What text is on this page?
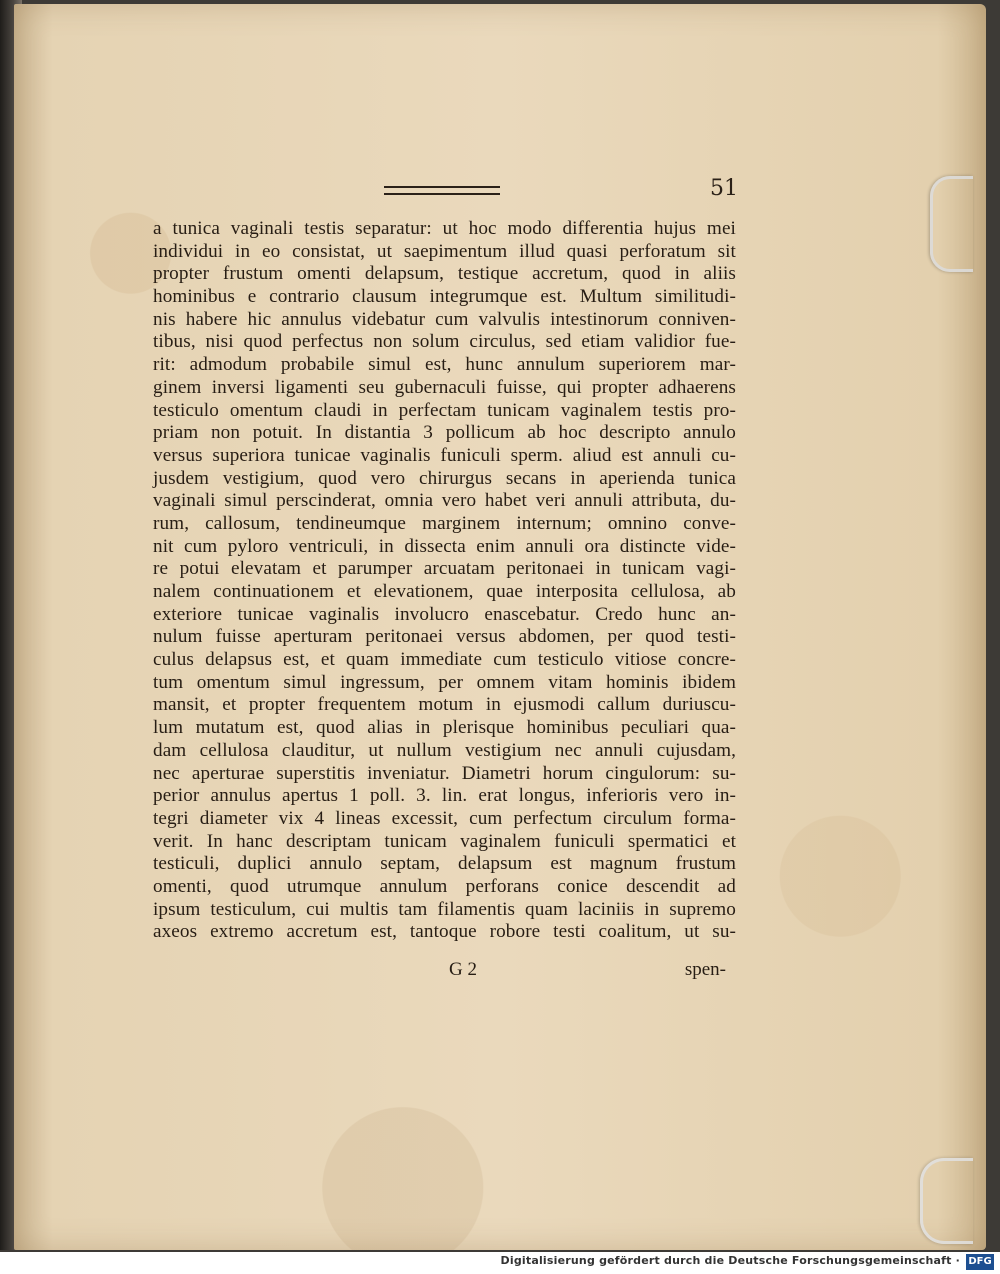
51
a tunica vaginali testis separatur: ut hoc modo differentia hujus mei
individui in eo consistat, ut saepimentum illud quasi perforatum sit
propter frustum omenti delapsum, testique accretum, quod in aliis
hominibus e contrario clausum integrumque est. Multum similitudi-
nis habere hic annulus videbatur cum valvulis intestinorum conniven-
tibus, nisi quod perfectus non solum circulus, sed etiam validior fue-
rit: admodum probabile simul est, hunc annulum superiorem mar-
ginem inversi ligamenti seu gubernaculi fuisse, qui propter adhaerens
testiculo omentum claudi in perfectam tunicam vaginalem testis pro-
priam non potuit. In distantia 3 pollicum ab hoc descripto annulo
versus superiora tunicae vaginalis funiculi sperm. aliud est annuli cu-
jusdem vestigium, quod vero chirurgus secans in aperienda tunica
vaginali simul perscinderat, omnia vero habet veri annuli attributa, du-
rum, callosum, tendineumque marginem internum; omnino conve-
nit cum pyloro ventriculi, in dissecta enim annuli ora distincte vide-
re potui elevatam et parumper arcuatam peritonaei in tunicam vagi-
nalem continuationem et elevationem, quae interposita cellulosa, ab
exteriore tunicae vaginalis involucro enascebatur. Credo hunc an-
nulum fuisse aperturam peritonaei versus abdomen, per quod testi-
culus delapsus est, et quam immediate cum testiculo vitiose concre-
tum omentum simul ingressum, per omnem vitam hominis ibidem
mansit, et propter frequentem motum in ejusmodi callum duriuscu-
lum mutatum est, quod alias in plerisque hominibus peculiari qua-
dam cellulosa clauditur, ut nullum vestigium nec annuli cujusdam,
nec aperturae superstitis inveniatur. Diametri horum cingulorum: su-
perior annulus apertus 1 poll. 3. lin. erat longus, inferioris vero in-
tegri diameter vix 4 lineas excessit, cum perfectum circulum forma-
verit. In hanc descriptam tunicam vaginalem funiculi spermatici et
testiculi, duplici annulo septam, delapsum est magnum frustum
omenti, quod utrumque annulum perforans conice descendit ad
ipsum testiculum, cui multis tam filamentis quam laciniis in supremo
axeos extremo accretum est, tantoque robore testi coalitum, ut su-
G 2	spen-
Digitalisierung gefördert durch die Deutsche Forschungsgemeinschaft · DFG
